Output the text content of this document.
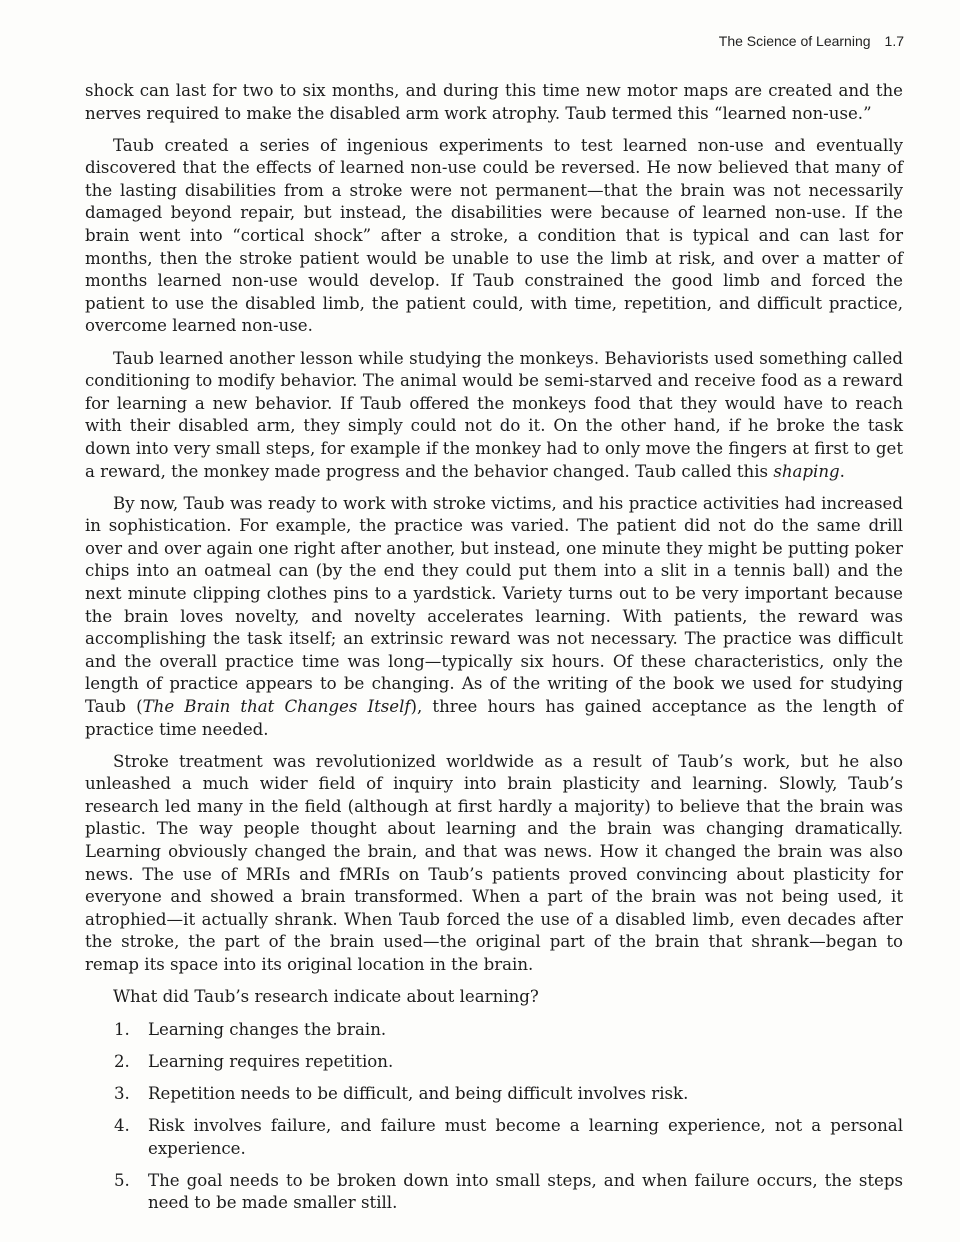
The Science of Learning 1.7

shock can last for two to six months, and during this time new motor maps are created and the nerves required to make the disabled arm work atrophy. Taub termed this “learned non-use.”

Taub created a series of ingenious experiments to test learned non-use and eventually discovered that the effects of learned non-use could be reversed. He now believed that many of the lasting disabilities from a stroke were not permanent—that the brain was not necessarily damaged beyond repair, but instead, the disabilities were because of learned non-use. If the brain went into “cortical shock” after a stroke, a condition that is typical and can last for months, then the stroke patient would be unable to use the limb at risk, and over a matter of months learned non-use would develop. If Taub constrained the good limb and forced the patient to use the disabled limb, the patient could, with time, repetition, and difficult practice, overcome learned non-use.

Taub learned another lesson while studying the monkeys. Behaviorists used something called conditioning to modify behavior. The animal would be semi-starved and receive food as a reward for learning a new behavior. If Taub offered the monkeys food that they would have to reach with their disabled arm, they simply could not do it. On the other hand, if he broke the task down into very small steps, for example if the monkey had to only move the fingers at first to get a reward, the monkey made progress and the behavior changed. Taub called this shaping.

By now, Taub was ready to work with stroke victims, and his practice activities had increased in sophistication. For example, the practice was varied. The patient did not do the same drill over and over again one right after another, but instead, one minute they might be putting poker chips into an oatmeal can (by the end they could put them into a slit in a tennis ball) and the next minute clipping clothes pins to a yardstick. Variety turns out to be very important because the brain loves novelty, and novelty accelerates learning. With patients, the reward was accomplishing the task itself; an extrinsic reward was not necessary. The practice was difficult and the overall practice time was long—typically six hours. Of these characteristics, only the length of practice appears to be changing. As of the writing of the book we used for studying Taub (The Brain that Changes Itself), three hours has gained acceptance as the length of practice time needed.

Stroke treatment was revolutionized worldwide as a result of Taub’s work, but he also unleashed a much wider field of inquiry into brain plasticity and learning. Slowly, Taub’s research led many in the field (although at first hardly a majority) to believe that the brain was plastic. The way people thought about learning and the brain was changing dramatically. Learning obviously changed the brain, and that was news. How it changed the brain was also news. The use of MRIs and fMRIs on Taub’s patients proved convincing about plasticity for everyone and showed a brain transformed. When a part of the brain was not being used, it atrophied—it actually shrank. When Taub forced the use of a disabled limb, even decades after the stroke, the part of the brain used—the original part of the brain that shrank—began to remap its space into its original location in the brain.

What did Taub’s research indicate about learning?

1. Learning changes the brain.
2. Learning requires repetition.
3. Repetition needs to be difficult, and being difficult involves risk.
4. Risk involves failure, and failure must become a learning experience, not a personal experience.
5. The goal needs to be broken down into small steps, and when failure occurs, the steps need to be made smaller still.
